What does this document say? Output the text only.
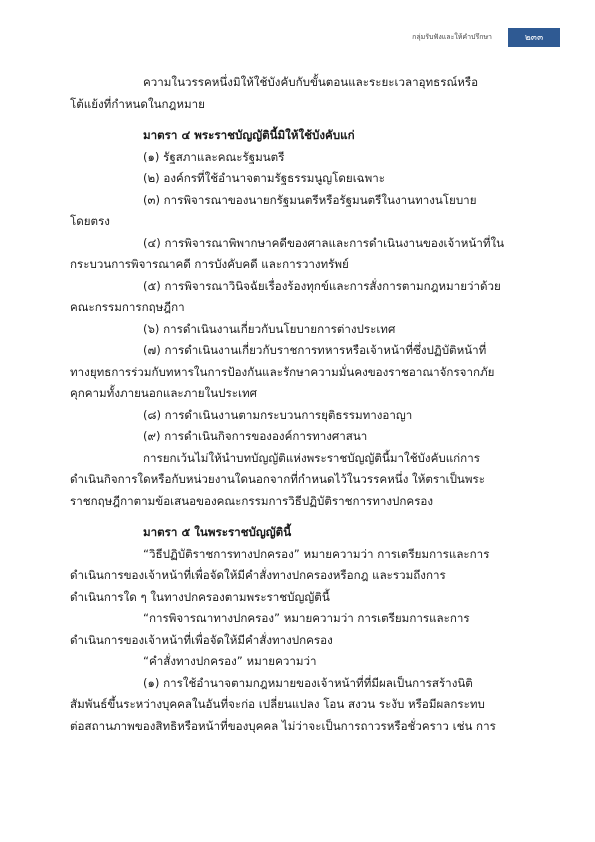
กลุ่มรับฟังและให้คำปรึกษา	๒๓๓
ความในวรรคหนึ่งมิให้ใช้บังคับกับขั้นตอนและระยะเวลาอุทธรณ์หรือ
โต้แย้งที่กำหนดในกฎหมาย
มาตรา ๔ พระราชบัญญัตินี้มิให้ใช้บังคับแก่
(๑) รัฐสภาและคณะรัฐมนตรี
(๒) องค์กรที่ใช้อำนาจตามรัฐธรรมนูญโดยเฉพาะ
(๓) การพิจารณาของนายกรัฐมนตรีหรือรัฐมนตรีในงานทางนโยบาย
โดยตรง
(๔) การพิจารณาพิพากษาคดีของศาลและการดำเนินงานของเจ้าหน้าที่ใน
กระบวนการพิจารณาคดี การบังคับคดี และการวางทรัพย์
(๕) การพิจารณาวินิจฉัยเรื่องร้องทุกข์และการสั่งการตามกฎหมายว่าด้วย
คณะกรรมการกฤษฎีกา
(๖) การดำเนินงานเกี่ยวกับนโยบายการต่างประเทศ
(๗) การดำเนินงานเกี่ยวกับราชการทหารหรือเจ้าหน้าที่ซึ่งปฏิบัติหน้าที่
ทางยุทธการร่วมกับทหารในการป้องกันและรักษาความมั่นคงของราชอาณาจักรจากภัย
คุกคามทั้งภายนอกและภายในประเทศ
(๘) การดำเนินงานตามกระบวนการยุติธรรมทางอาญา
(๙) การดำเนินกิจการขององค์การทางศาสนา
การยกเว้นไม่ให้นำบทบัญญัติแห่งพระราชบัญญัตินี้มาใช้บังคับแก่การ
ดำเนินกิจการใดหรือกับหน่วยงานใดนอกจากที่กำหนดไว้ในวรรคหนึ่ง ให้ตราเป็นพระ
ราชกฤษฎีกาตามข้อเสนอของคณะกรรมการวิธีปฏิบัติราชการทางปกครอง
มาตรา ๕ ในพระราชบัญญัตินี้
“วิธีปฏิบัติราชการทางปกครอง” หมายความว่า การเตรียมการและการ
ดำเนินการของเจ้าหน้าที่เพื่อจัดให้มีคำสั่งทางปกครองหรือกฎ และรวมถึงการ
ดำเนินการใด ๆ ในทางปกครองตามพระราชบัญญัตินี้
“การพิจารณาทางปกครอง” หมายความว่า การเตรียมการและการ
ดำเนินการของเจ้าหน้าที่เพื่อจัดให้มีคำสั่งทางปกครอง
“คำสั่งทางปกครอง” หมายความว่า
(๑) การใช้อำนาจตามกฎหมายของเจ้าหน้าที่ที่มีผลเป็นการสร้างนิติ
สัมพันธ์ขึ้นระหว่างบุคคลในอันที่จะก่อ เปลี่ยนแปลง โอน สงวน ระงับ หรือมีผลกระทบ
ต่อสถานภาพของสิทธิหรือหน้าที่ของบุคคล ไม่ว่าจะเป็นการถาวรหรือชั่วคราว เช่น การ
